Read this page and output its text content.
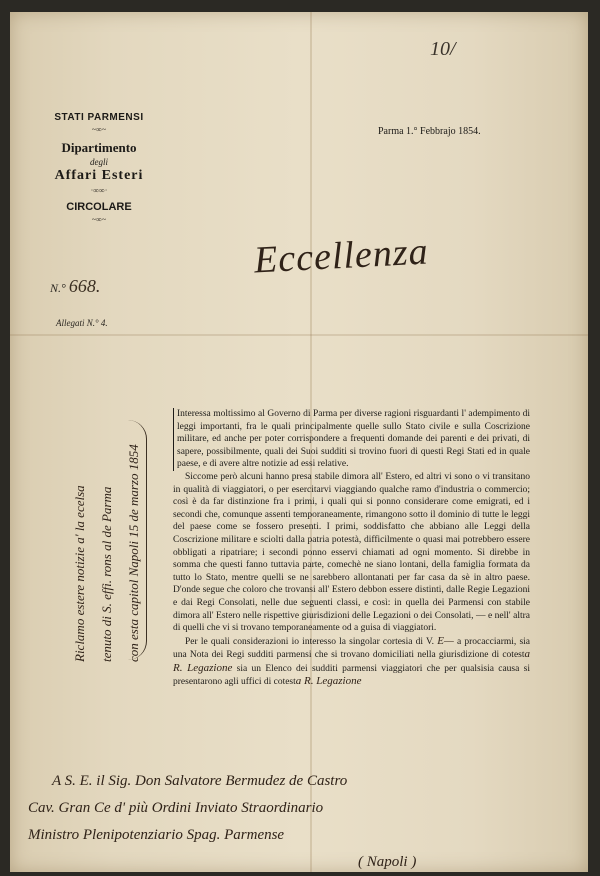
10/
STATI PARMENSI
~∞~
Dipartimento
degli
Affari Esteri
·∞∞·
CIRCOLARE
~∞~
N.° 668.
Allegati N.° 4.
Parma 1.° Febbrajo 1854.
Eccellenza
Riclamo estere notizie a' la ecelsa tenuto di S. effi. rons al de Parma con esta capitol Napoli 15 de marzo 1854

Interessa moltissimo al Governo di Parma per diverse ragioni risguardanti l' adempimento di leggi importanti, fra le quali principalmente quelle sullo Stato civile e sulla Coscrizione militare, ed anche per poter corrispondere a frequenti domande dei parenti e dei privati, di sapere, possibilmente, quali dei Suoi sudditi si trovino fuori di questi Regi Stati ed in quale paese, e di avere altre notizie ad essi relative.

Siccome però alcuni hanno presa stabile dimora all' Estero, ed altri vi sono o vi transitano in qualità di viaggiatori, o per esercitarvi viaggiando qualche ramo d'industria o commercio; così è da far distinzione fra i primi, i quali qui si ponno considerare come emigrati, ed i secondi che, comunque assenti temporaneamente, rimangono sotto il dominio di tutte le leggi del paese come se fossero presenti. I primi, soddisfatto che abbiano alle Leggi della Coscrizione militare e sciolti dalla patria potestà, difficilmente o quasi mai potrebbero essere obbligati a ripatriare; i secondi ponno esservi chiamati ad ogni momento. Si direbbe in somma che questi fanno tuttavia parte, comechè ne siano lontani, della famiglia formata da tutto lo Stato, mentre quelli se ne sarebbero allontanati per far casa da sè in altro paese. D'onde segue che coloro che trovansi all' Estero debbon essere distinti, dalle Regie Legazioni e dai Regi Consolati, nelle due seguenti classi, e così: in quella dei Parmensi con stabile dimora all' Estero nelle rispettive giurisdizioni delle Legazioni o dei Consolati, — e nell' altra di quelli che vi si trovano temporaneamente od a guisa di viaggiatori.

Per le quali considerazioni io interesso la singolar cortesia di V. E— a procacciarmi, sia una Nota dei Regi sudditi parmensi che si trovano domiciliati nella giurisdizione di cotesta R. Legazione sia un Elenco dei sudditi parmensi viaggiatori che per qualsisia causa si presentarono agli uffici di cotesta R. Legazione

A S. E. il Sig. Don Salvatore Bermudez de Castro
Cav. Gran Ce d' più Ordini Inviato Straordinario
Ministro Plenipotenziario Spag. Parmense
( Napoli )
